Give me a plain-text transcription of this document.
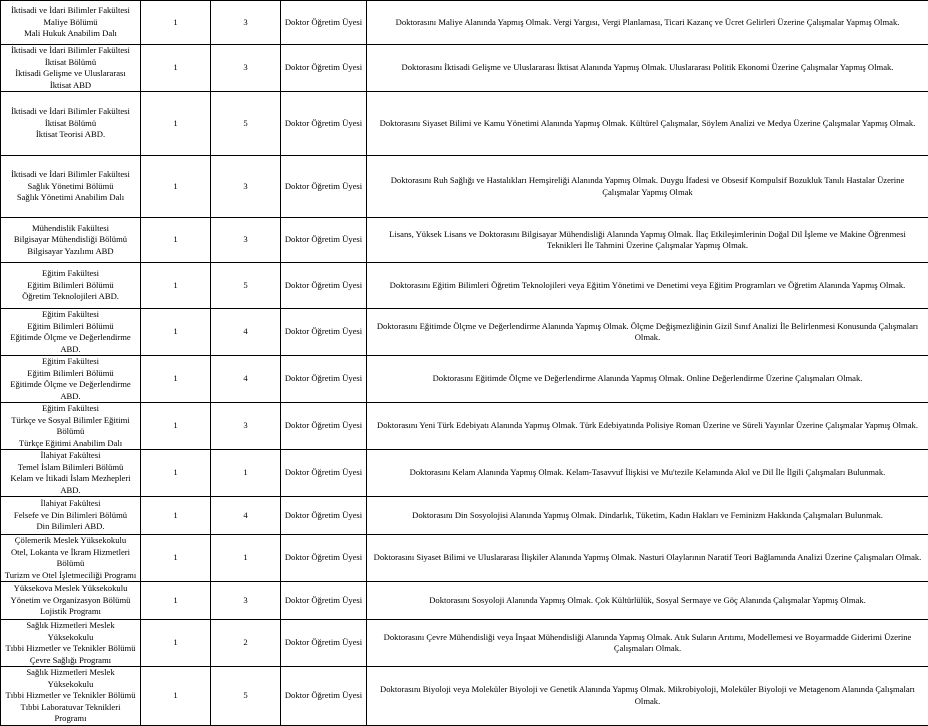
İktisadi ve İdari Bilimler Fakültesi
Maliye Bölümü
Mali Hukuk Anabilim Dalı	1	3	Doktor Öğretim Üyesi	Doktorasını Maliye Alanında Yapmış Olmak. Vergi Yargısı, Vergi Planlaması, Ticari Kazanç ve Ücret Gelirleri Üzerine Çalışmalar Yapmış Olmak.
İktisadi ve İdari Bilimler Fakültesi
İktisat Bölümü
İktisadi Gelişme ve Uluslararası İktisat ABD	1	3	Doktor Öğretim Üyesi	Doktorasını İktisadi Gelişme ve Uluslararası İktisat Alanında Yapmış Olmak. Uluslararası Politik Ekonomi Üzerine Çalışmalar Yapmış Olmak.
İktisadi ve İdari Bilimler Fakültesi
İktisat Bölümü
İktisat Teorisi ABD.	1	5	Doktor Öğretim Üyesi	Doktorasını Siyaset Bilimi ve Kamu Yönetimi Alanında Yapmış Olmak. Kültürel Çalışmalar, Söylem Analizi ve Medya Üzerine Çalışmalar Yapmış Olmak.
İktisadi ve İdari Bilimler Fakültesi
Sağlık Yönetimi Bölümü
Sağlık Yönetimi Anabilim Dalı	1	3	Doktor Öğretim Üyesi	Doktorasını Ruh Sağlığı ve Hastalıkları Hemşireliği Alanında Yapmış Olmak. Duygu İfadesi ve Obsesif Kompulsif Bozukluk Tanılı Hastalar Üzerine Çalışmalar Yapmış Olmak
Mühendislik Fakültesi
Bilgisayar Mühendisliği Bölümü
Bilgisayar Yazılımı ABD	1	3	Doktor Öğretim Üyesi	Lisans, Yüksek Lisans ve Doktorasını Bilgisayar Mühendisliği Alanında Yapmış Olmak. İlaç Etkileşimlerinin Doğal Dil İşleme ve Makine Öğrenmesi Teknikleri İle Tahmini Üzerine Çalışmalar Yapmış Olmak.
Eğitim Fakültesi
Eğitim Bilimleri Bölümü
Öğretim Teknolojileri ABD.	1	5	Doktor Öğretim Üyesi	Doktorasını Eğitim Bilimleri Öğretim Teknolojileri veya Eğitim Yönetimi ve Denetimi veya Eğitim Programları ve Öğretim Alanında Yapmış Olmak.
Eğitim Fakültesi
Eğitim Bilimleri Bölümü
Eğitimde Ölçme ve Değerlendirme ABD.	1	4	Doktor Öğretim Üyesi	Doktorasını Eğitimde Ölçme ve Değerlendirme Alanında Yapmış Olmak. Ölçme Değişmezliğinin Gizil Sınıf Analizi İle Belirlenmesi Konusunda Çalışmaları Olmak.
Eğitim Fakültesi
Eğitim Bilimleri Bölümü
Eğitimde Ölçme ve Değerlendirme ABD.	1	4	Doktor Öğretim Üyesi	Doktorasını Eğitimde Ölçme ve Değerlendirme Alanında Yapmış Olmak. Online Değerlendirme Üzerine Çalışmaları Olmak.
Eğitim Fakültesi
Türkçe ve Sosyal Bilimler Eğitimi Bölümü
Türkçe Eğitimi Anabilim Dalı	1	3	Doktor Öğretim Üyesi	Doktorasını Yeni Türk Edebiyatı Alanında Yapmış Olmak. Türk Edebiyatında Polisiye Roman Üzerine ve Süreli Yayınlar Üzerine Çalışmalar Yapmış Olmak.
İlahiyat Fakültesi
Temel İslam Bilimleri Bölümü
Kelam ve İtikadi İslam Mezhepleri ABD.	1	1	Doktor Öğretim Üyesi	Doktorasını Kelam Alanında Yapmış Olmak. Kelam-Tasavvuf İlişkisi ve Mu'tezile Kelamında Akıl ve Dil İle İlgili Çalışmaları Bulunmak.
İlahiyat Fakültesi
Felsefe ve Din Bilimleri Bölümü
Din Bilimleri ABD.	1	4	Doktor Öğretim Üyesi	Doktorasını Din Sosyolojisi Alanında Yapmış Olmak. Dindarlık, Tüketim, Kadın Hakları ve Feminizm Hakkında Çalışmaları Bulunmak.
Çölemerik Meslek Yüksekokulu
Otel, Lokanta ve İkram Hizmetleri Bölümü
Turizm ve Otel İşletmeciliği Programı	1	1	Doktor Öğretim Üyesi	Doktorasını Siyaset Bilimi ve Uluslararası İlişkiler Alanında Yapmış Olmak. Nasturi Olaylarının Naratif Teori Bağlamında Analizi Üzerine Çalışmaları Olmak.
Yüksekova Meslek Yüksekokulu
Yönetim ve Organizasyon Bölümü
Lojistik Programı	1	3	Doktor Öğretim Üyesi	Doktorasını Sosyoloji Alanında Yapmış Olmak. Çok Kültürlülük, Sosyal Sermaye ve Göç Alanında Çalışmalar Yapmış Olmak.
Sağlık Hizmetleri Meslek Yüksekokulu
Tıbbi Hizmetler ve Teknikler Bölümü
Çevre Sağlığı Programı	1	2	Doktor Öğretim Üyesi	Doktorasını Çevre Mühendisliği veya İnşaat Mühendisliği Alanında Yapmış Olmak. Atık Suların Arıtımı, Modellemesi ve Boyarmadde Giderimi Üzerine Çalışmaları Olmak.
Sağlık Hizmetleri Meslek Yüksekokulu
Tıbbi Hizmetler ve Teknikler Bölümü
Tıbbi Laboratuvar Teknikleri Programı	1	5	Doktor Öğretim Üyesi	Doktorasını Biyoloji veya Moleküler Biyoloji ve Genetik Alanında Yapmış Olmak. Mikrobiyoloji, Moleküler Biyoloji ve Metagenom Alanında Çalışmaları Olmak.
